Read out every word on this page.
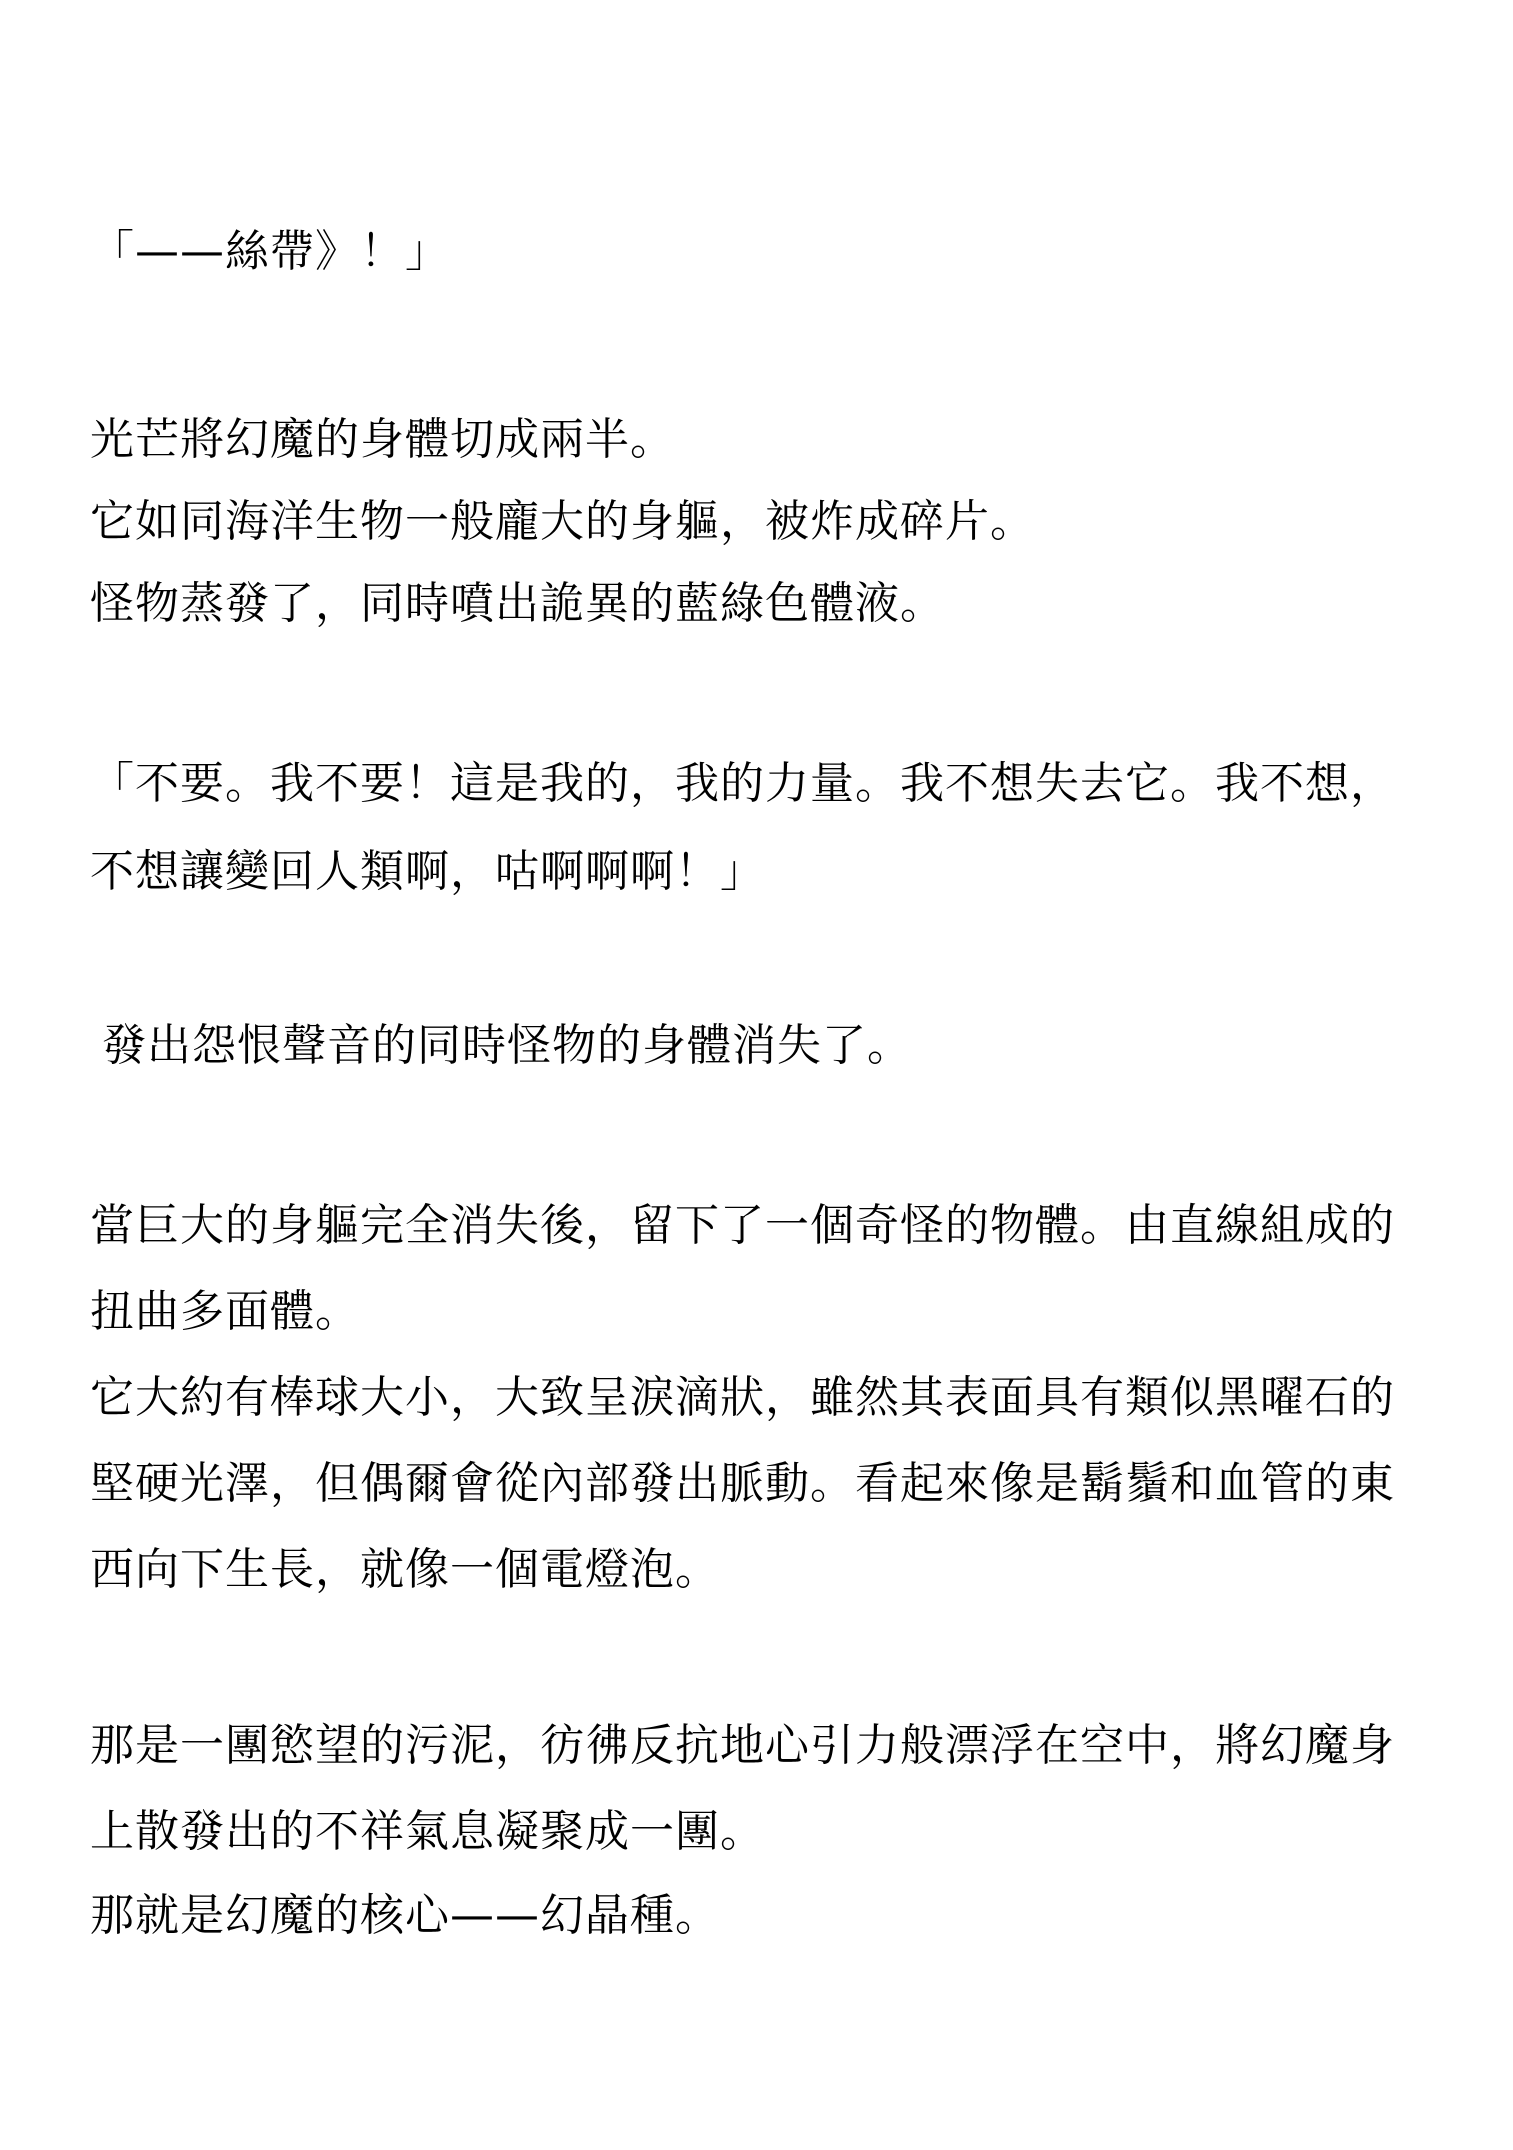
「——絲帶》！」
光芒將幻魔的身體切成兩半。
它如同海洋生物一般龐大的身軀，被炸成碎片。
怪物蒸發了，同時噴出詭異的藍綠色體液。
「不要。我不要！這是我的，我的力量。我不想失去它。我不想，
不想讓變回人類啊，咕啊啊啊！」
發出怨恨聲音的同時怪物的身體消失了。
當巨大的身軀完全消失後，留下了一個奇怪的物體。由直線組成的
扭曲多面體。
它大約有棒球大小，大致呈淚滴狀，雖然其表面具有類似黑曜石的
堅硬光澤，但偶爾會從內部發出脈動。看起來像是鬍鬚和血管的東
西向下生長，就像一個電燈泡。
那是一團慾望的污泥，彷彿反抗地心引力般漂浮在空中，將幻魔身
上散發出的不祥氣息凝聚成一團。
那就是幻魔的核心——幻晶種。
